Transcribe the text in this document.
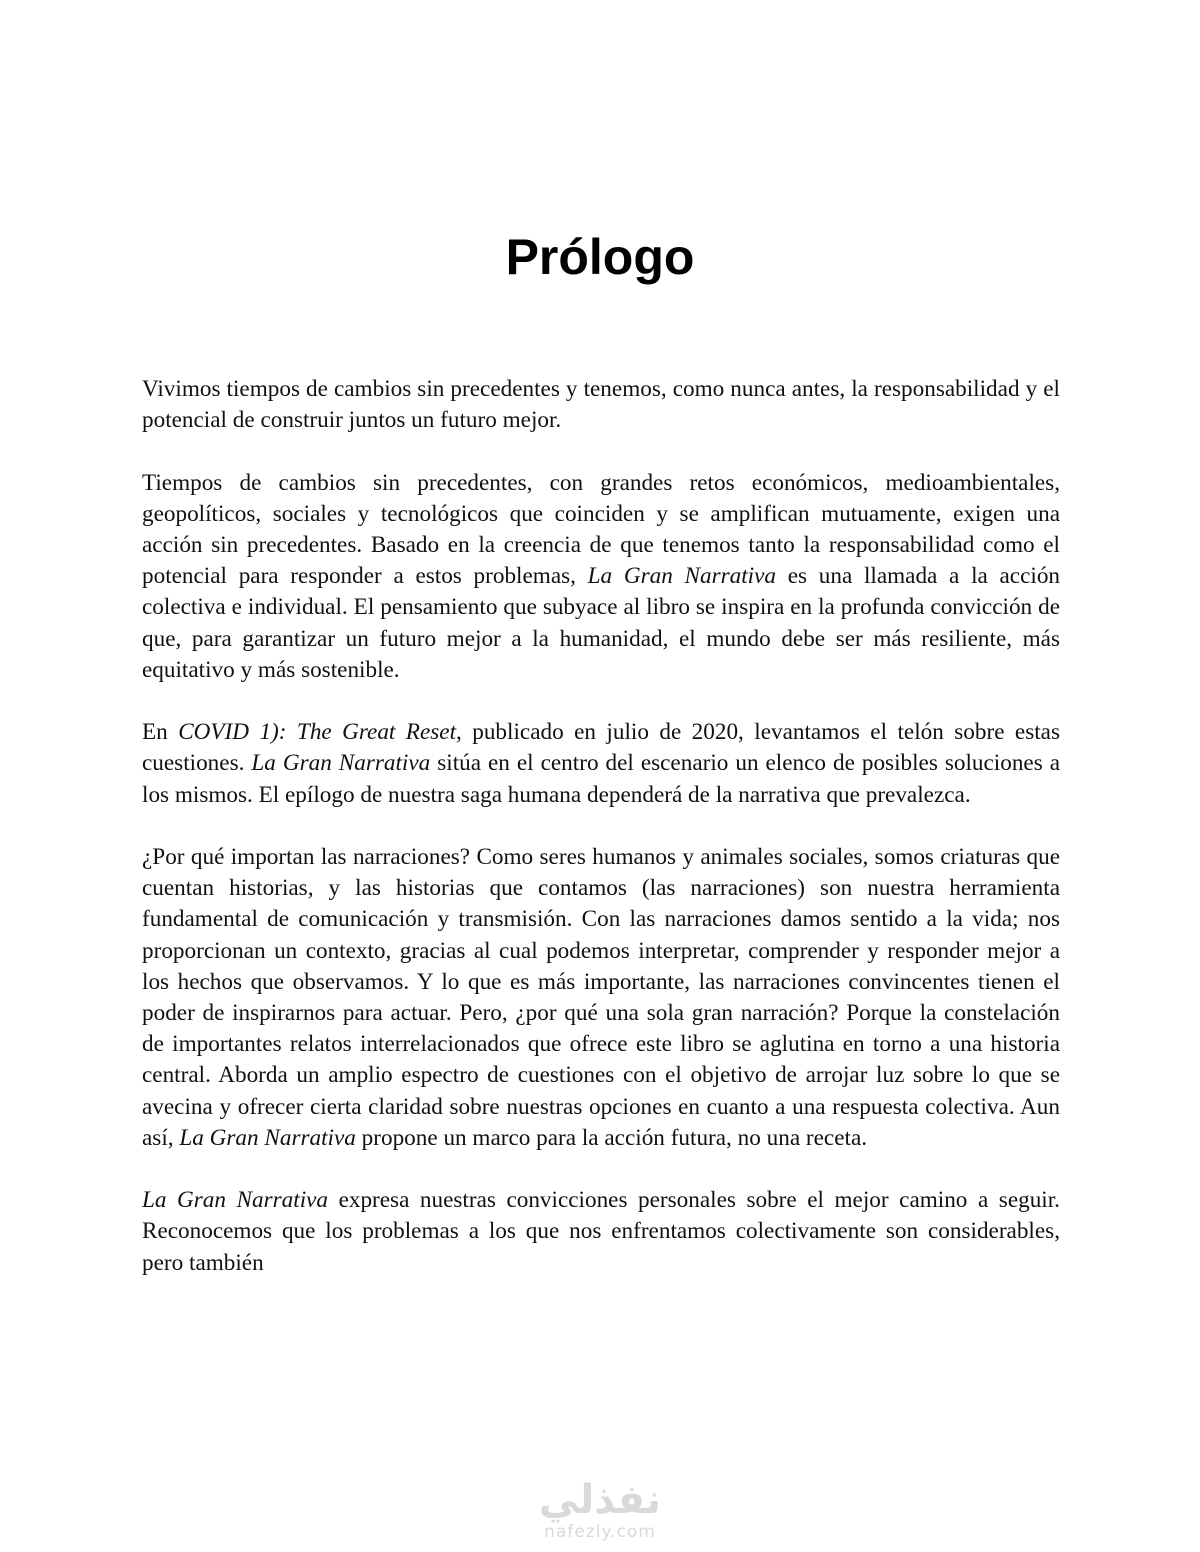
Prólogo

Vivimos tiempos de cambios sin precedentes y tenemos, como nunca antes, la responsabilidad y el potencial de construir juntos un futuro mejor.

Tiempos de cambios sin precedentes, con grandes retos económicos, medioambientales, geopolíticos, sociales y tecnológicos que coinciden y se amplifican mutuamente, exigen una acción sin precedentes. Basado en la creencia de que tenemos tanto la responsabilidad como el potencial para responder a estos problemas, La Gran Narrativa es una llamada a la acción colectiva e individual. El pensamiento que subyace al libro se inspira en la profunda convicción de que, para garantizar un futuro mejor a la humanidad, el mundo debe ser más resiliente, más equitativo y más sostenible.

En COVID 1): The Great Reset, publicado en julio de 2020, levantamos el telón sobre estas cuestiones. La Gran Narrativa sitúa en el centro del escenario un elenco de posibles soluciones a los mismos. El epílogo de nuestra saga humana dependerá de la narrativa que prevalezca.

¿Por qué importan las narraciones? Como seres humanos y animales sociales, somos criaturas que cuentan historias, y las historias que contamos (las narraciones) son nuestra herramienta fundamental de comunicación y transmisión. Con las narraciones damos sentido a la vida; nos proporcionan un contexto, gracias al cual podemos interpretar, comprender y responder mejor a los hechos que observamos. Y lo que es más importante, las narraciones convincentes tienen el poder de inspirarnos para actuar. Pero, ¿por qué una sola gran narración? Porque la constelación de importantes relatos interrelacionados que ofrece este libro se aglutina en torno a una historia central. Aborda un amplio espectro de cuestiones con el objetivo de arrojar luz sobre lo que se avecina y ofrecer cierta claridad sobre nuestras opciones en cuanto a una respuesta colectiva. Aun así, La Gran Narrativa propone un marco para la acción futura, no una receta.

La Gran Narrativa expresa nuestras convicciones personales sobre el mejor camino a seguir. Reconocemos que los problemas a los que nos enfrentamos colectivamente son considerables, pero también

نفذلي
nafezly.com
